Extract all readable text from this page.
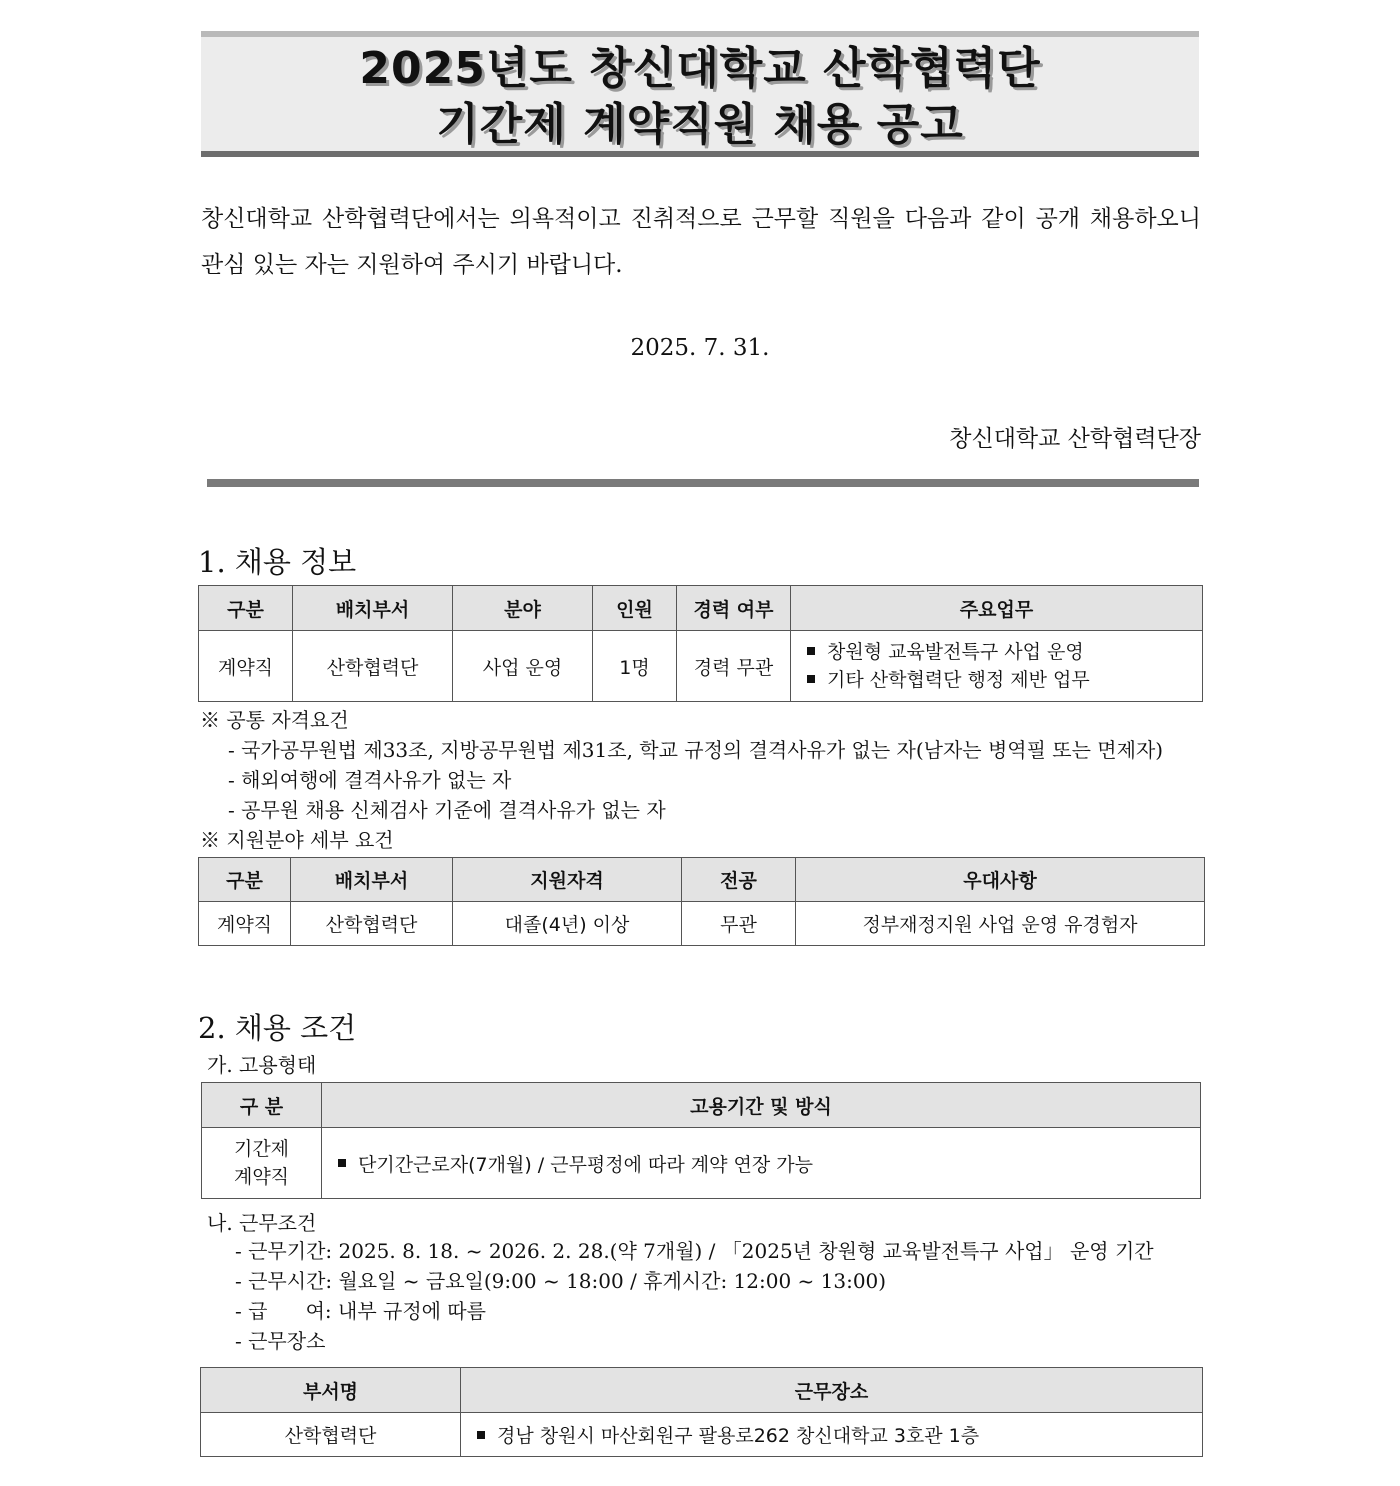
2025년도 창신대학교 산학협력단
기간제 계약직원 채용 공고
창신대학교 산학협력단에서는 의욕적이고 진취적으로 근무할 직원을 다음과 같이 공개 채용하오니
관심 있는 자는 지원하여 주시기 바랍니다.
2025. 7. 31.
창신대학교 산학협력단장
1. 채용 정보
구분	배치부서	분야	인원	경력 여부	주요업무
계약직	산학협력단	사업 운영	1명	경력 무관	창원형 교육발전특구 사업 운영
기타 산학협력단 행정 제반 업무
※ 공통 자격요건
- 국가공무원법 제33조, 지방공무원법 제31조, 학교 규정의 결격사유가 없는 자(남자는 병역필 또는 면제자)
- 해외여행에 결격사유가 없는 자
- 공무원 채용 신체검사 기준에 결격사유가 없는 자
※ 지원분야 세부 요건
구분	배치부서	지원자격	전공	우대사항
계약직	산학협력단	대졸(4년) 이상	무관	정부재정지원 사업 운영 유경험자
2. 채용 조건
가. 고용형태
구 분	고용기간 및 방식

기간제
계약직	단기간근로자(7개월) / 근무평정에 따라 계약 연장 가능
나. 근무조건
- 근무기간: 2025. 8. 18. ~ 2026. 2. 28.(약 7개월) / 「2025년 창원형 교육발전특구 사업」 운영 기간
- 근무시간: 월요일 ~ 금요일(9:00 ~ 18:00 / 휴게시간: 12:00 ~ 13:00)
- 급      여: 내부 규정에 따름
- 근무장소
부서명	근무장소
산학협력단	경남 창원시 마산회원구 팔용로262 창신대학교 3호관 1층
